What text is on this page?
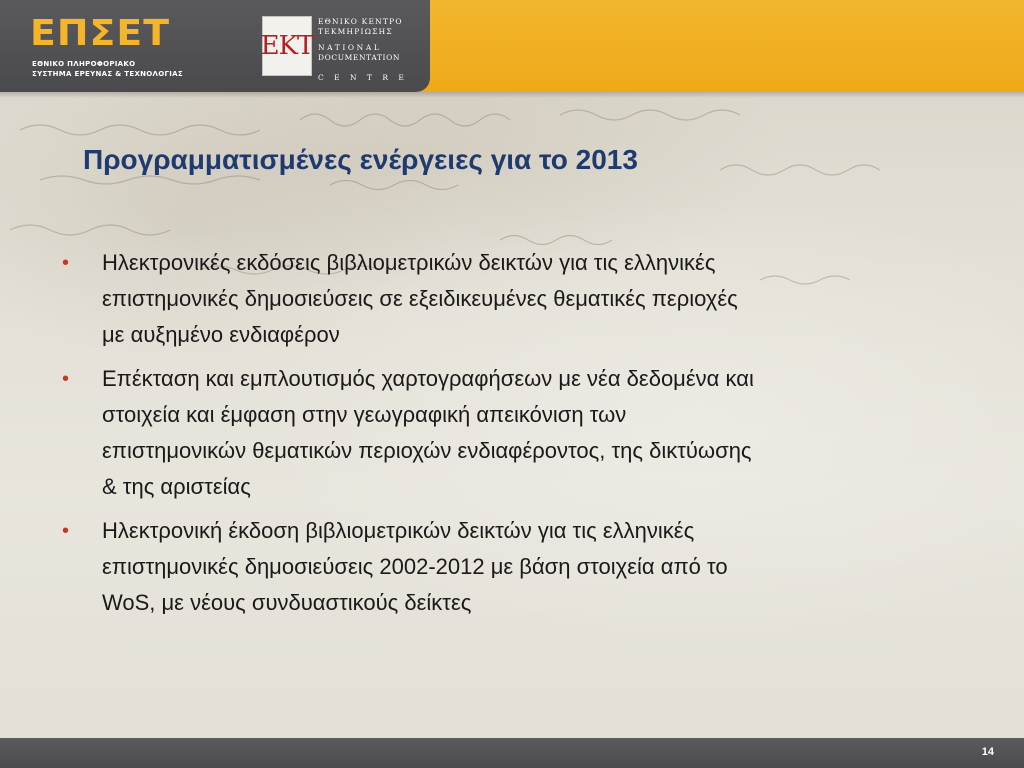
ΕΠΣΕΤ
ΕΘΝΙΚΟ ΠΛΗΡΟΦΟΡΙΑΚΟ
ΣΥΣΤΗΜΑ ΕΡΕΥΝΑΣ & ΤΕΧΝΟΛΟΓΙΑΣ
ΕΚΤ
ΕΘΝΙΚΟ ΚΕΝΤΡΟ
ΤΕΚΜΗΡΙΩΣΗΣ
NATIONAL
DOCUMENTATION
C E N T R E
Προγραμματισμένες ενέργειες για το 2013
• Ηλεκτρονικές εκδόσεις βιβλιομετρικών δεικτών για τις ελληνικές
επιστημονικές δημοσιεύσεις σε εξειδικευμένες θεματικές περιοχές
με αυξημένο ενδιαφέρον
• Επέκταση και εμπλουτισμός χαρτογραφήσεων με νέα δεδομένα και
στοιχεία και έμφαση στην γεωγραφική απεικόνιση των
επιστημονικών θεματικών περιοχών ενδιαφέροντος, της δικτύωσης
& της αριστείας
• Ηλεκτρονική έκδοση βιβλιομετρικών δεικτών για τις ελληνικές
επιστημονικές δημοσιεύσεις 2002-2012 με βάση στοιχεία από το
WoS, με νέους συνδυαστικούς δείκτες
14
